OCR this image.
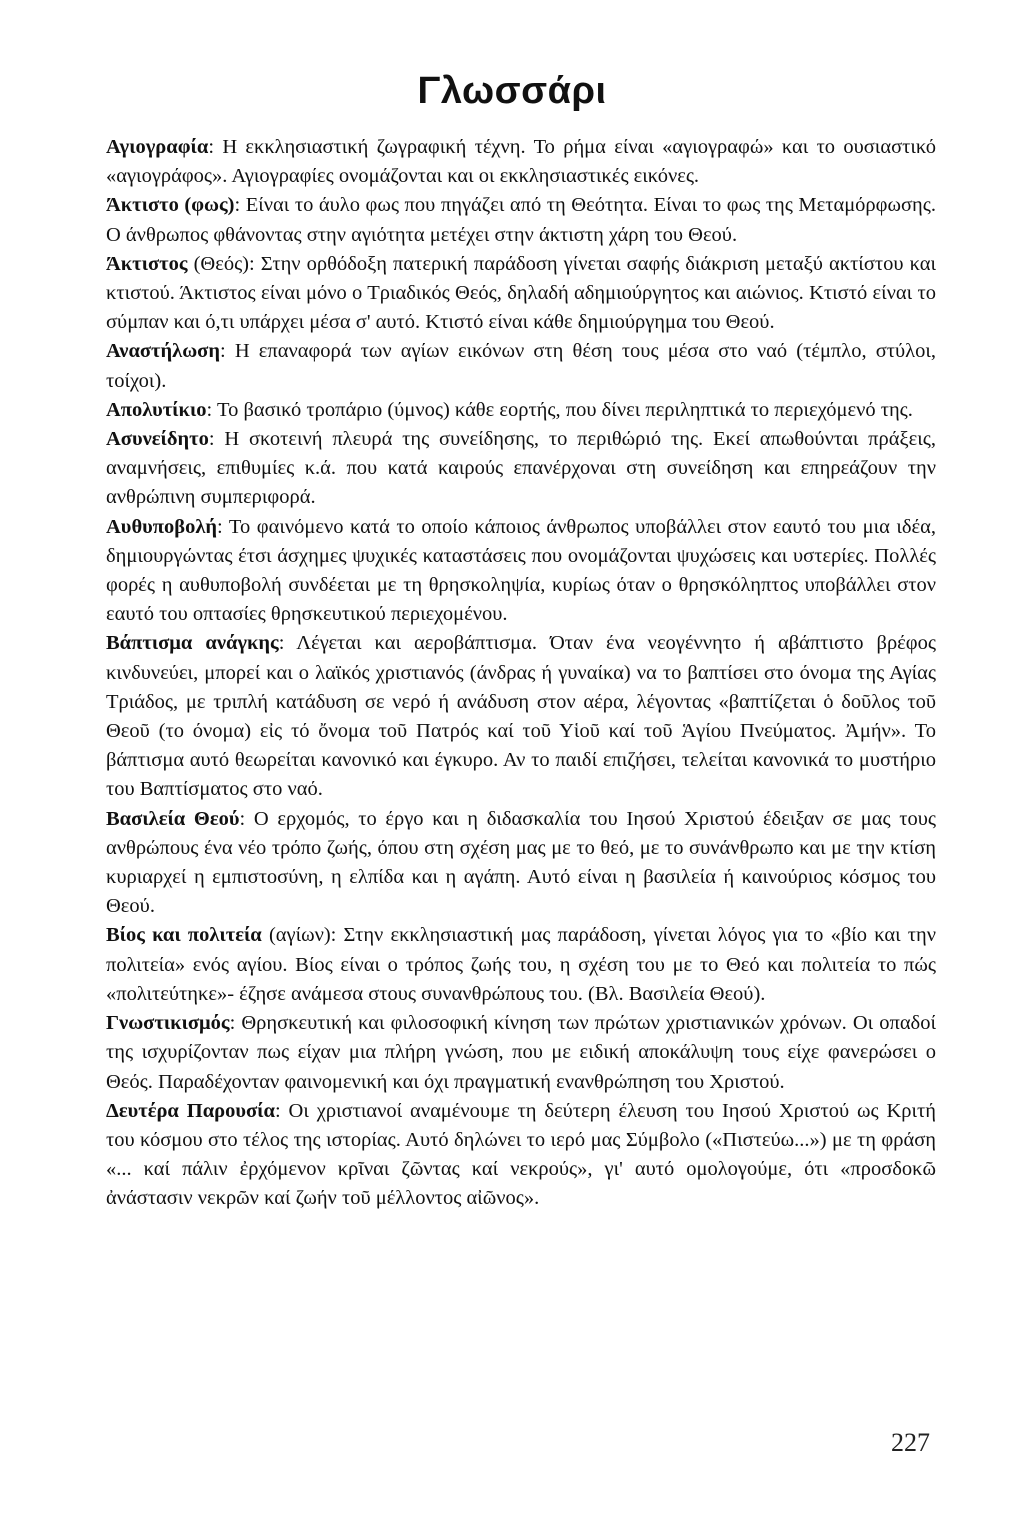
Γλωσσάρι

Αγιογραφία: Η εκκλησιαστική ζωγραφική τέχνη. Το ρήμα είναι «αγιογραφώ» και το ουσιαστικό «αγιογράφος». Αγιογραφίες ονομάζονται και οι εκκλησιαστικές εικόνες.

Άκτιστο (φως): Είναι το άυλο φως που πηγάζει από τη Θεότητα. Είναι το φως της Μεταμόρφωσης. Ο άνθρωπος φθάνοντας στην αγιότητα μετέχει στην άκτιστη χάρη του Θεού.

Άκτιστος (Θεός): Στην ορθόδοξη πατερική παράδοση γίνεται σαφής διάκριση μεταξύ ακτίστου και κτιστού. Άκτιστος είναι μόνο ο Τριαδικός Θεός, δηλαδή αδημιούργητος και αιώνιος. Κτιστό είναι το σύμπαν και ό,τι υπάρχει μέσα σ' αυτό. Κτιστό είναι κάθε δημιούργημα του Θεού.

Αναστήλωση: Η επαναφορά των αγίων εικόνων στη θέση τους μέσα στο ναό (τέμπλο, στύλοι, τοίχοι).

Απολυτίκιο: Το βασικό τροπάριο (ύμνος) κάθε εορτής, που δίνει περιληπτικά το περιεχόμενό της.

Ασυνείδητο: Η σκοτεινή πλευρά της συνείδησης, το περιθώριό της. Εκεί απωθούνται πράξεις, αναμνήσεις, επιθυμίες κ.ά. που κατά καιρούς επανέρχοναι στη συνείδηση και επηρεάζουν την ανθρώπινη συμπεριφορά.

Αυθυποβολή: Το φαινόμενο κατά το οποίο κάποιος άνθρωπος υποβάλλει στον εαυτό του μια ιδέα, δημιουργώντας έτσι άσχημες ψυχικές καταστάσεις που ονομάζονται ψυχώσεις και υστερίες. Πολλές φορές η αυθυποβολή συνδέεται με τη θρησκοληψία, κυρίως όταν ο θρησκόληπτος υποβάλλει στον εαυτό του οπτασίες θρησκευτικού περιεχομένου.

Βάπτισμα ανάγκης: Λέγεται και αεροβάπτισμα. Όταν ένα νεογέννητο ή αβάπτιστο βρέφος κινδυνεύει, μπορεί και ο λαϊκός χριστιανός (άνδρας ή γυναίκα) να το βαπτίσει στο όνομα της Αγίας Τριάδος, με τριπλή κατάδυση σε νερό ή ανάδυση στον αέρα, λέγοντας «βαπτίζεται ὁ δοῦλος τοῦ Θεοῦ (το όνομα) εἰς τό ὄνομα τοῦ Πατρός καί τοῦ Υἱοῦ καί τοῦ Ἁγίου Πνεύματος. Ἀμήν». Το βάπτισμα αυτό θεωρείται κανονικό και έγκυρο. Αν το παιδί επιζήσει, τελείται κανονικά το μυστήριο του Βαπτίσματος στο ναό.

Βασιλεία Θεού: Ο ερχομός, το έργο και η διδασκαλία του Ιησού Χριστού έδειξαν σε μας τους ανθρώπους ένα νέο τρόπο ζωής, όπου στη σχέση μας με το θεό, με το συνάνθρωπο και με την κτίση κυριαρχεί η εμπιστοσύνη, η ελπίδα και η αγάπη. Αυτό είναι η βασιλεία ή καινούριος κόσμος του Θεού.

Βίος και πολιτεία (αγίων): Στην εκκλησιαστική μας παράδοση, γίνεται λόγος για το «βίο και την πολιτεία» ενός αγίου. Βίος είναι ο τρόπος ζωής του, η σχέση του με το Θεό και πολιτεία το πώς «πολιτεύτηκε»- έζησε ανάμεσα στους συνανθρώπους του. (Βλ. Βασιλεία Θεού).

Γνωστικισμός: Θρησκευτική και φιλοσοφική κίνηση των πρώτων χριστιανικών χρόνων. Οι οπαδοί της ισχυρίζονταν πως είχαν μια πλήρη γνώση, που με ειδική αποκάλυψη τους είχε φανερώσει ο Θεός. Παραδέχονταν φαινομενική και όχι πραγματική ενανθρώπηση του Χριστού.

Δευτέρα Παρουσία: Οι χριστιανοί αναμένουμε τη δεύτερη έλευση του Ιησού Χριστού ως Κριτή του κόσμου στο τέλος της ιστορίας. Αυτό δηλώνει το ιερό μας Σύμβολο («Πιστεύω...») με τη φράση «... καί πάλιν ἐρχόμενον κρῖναι ζῶντας καί νεκρούς», γι' αυτό ομολογούμε, ότι «προσδοκῶ ἀνάστασιν νεκρῶν καί ζωήν τοῦ μέλλοντος αἰῶνος».

227
